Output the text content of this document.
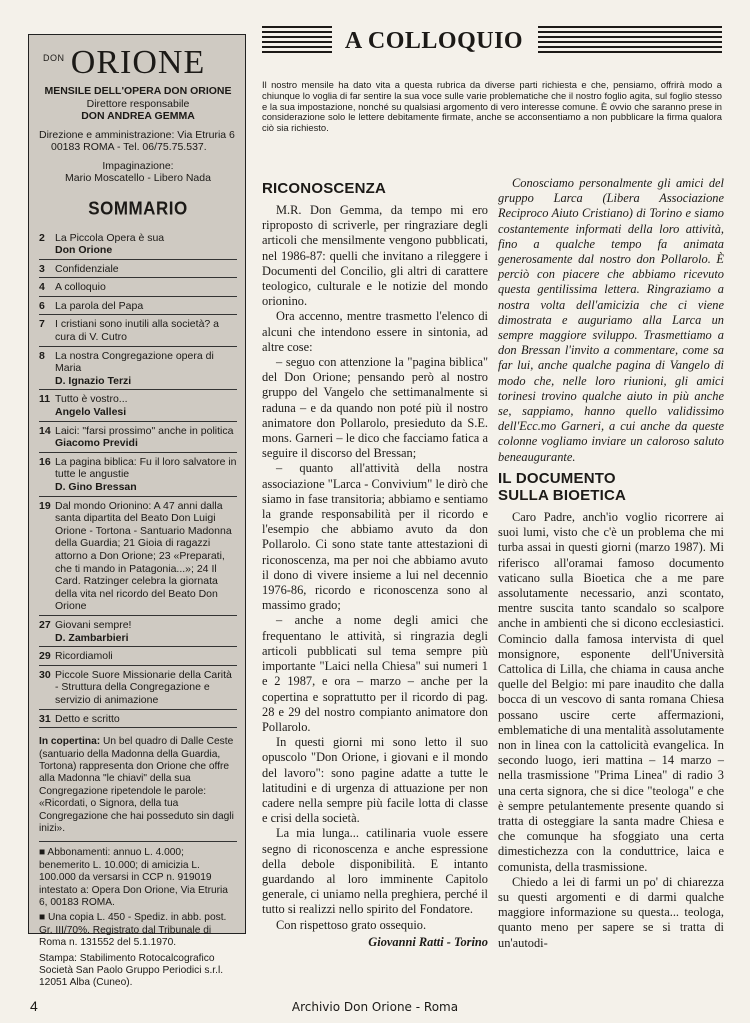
DON ORIONE
MENSILE DELL'OPERA DON ORIONE
Direttore responsabile
DON ANDREA GEMMA
Direzione e amministrazione: Via Etruria 6
00183 ROMA - Tel. 06/75.75.537.
Impaginazione:
Mario Moscatello - Libero Nada
SOMMARIO
2 La Piccola Opera è sua
Don Orione
3 Confidenziale
4 A colloquio
6 La parola del Papa
7 I cristiani sono inutili alla società? a cura di V. Cutro
8 La nostra Congregazione opera di Maria
D. Ignazio Terzi
11 Tutto è vostro...
Angelo Vallesi
14 Laici: "farsi prossimo" anche in politica
Giacomo Previdi
16 La pagina biblica: Fu il loro salvatore in tutte le angustie
D. Gino Bressan
19 Dal mondo Orionino: A 47 anni dalla santa dipartita del Beato Don Luigi Orione - Tortona - Santuario Madonna della Guardia; 21 Gioia di ragazzi attorno a Don Orione; 23 «Preparati, che ti mando in Patagonia...»; 24 Il Card. Ratzinger celebra la giornata della vita nel ricordo del Beato Don Orione
27 Giovani sempre!
D. Zambarbieri
29 Ricordiamoli
30 Piccole Suore Missionarie della Carità - Struttura della Congregazione e servizio di animazione
31 Detto e scritto
In copertina: Un bel quadro di Dalle Ceste (santuario della Madonna della Guardia, Tortona) rappresenta don Orione che offre alla Madonna "le chiavi" della sua Congregazione ripetendole le parole: «Ricordati, o Signora, della tua Congregazione che hai posseduto sin dagli inizi».
■ Abbonamenti: annuo L. 4.000; benemerito L. 10.000; di amicizia L. 100.000 da versarsi in CCP n. 919019 intestato a: Opera Don Orione, Via Etruria 6, 00183 ROMA.
■ Una copia L. 450 - Spediz. in abb. post. Gr. III/70%. Registrato dal Tribunale di Roma n. 131552 del 5.1.1970.
Stampa: Stabilimento Rotocalcografico Società San Paolo Gruppo Periodici s.r.l. 12051 Alba (Cuneo).
A COLLOQUIO
Il nostro mensile ha dato vita a questa rubrica da diverse parti richiesta e che, pensiamo, offrirà modo a chiunque lo voglia di far sentire la sua voce sulle varie problematiche che il nostro foglio agita, sul foglio stesso e la sua impostazione, nonché su qualsiasi argomento di vero interesse comune. È ovvio che saranno prese in considerazione solo le lettere debitamente firmate, anche se acconsentiamo a non pubblicare la firma qualora ciò sia richiesto.
RICONOSCENZA

M.R. Don Gemma, da tempo mi ero riproposto di scriverle, per ringraziare degli articoli che mensilmente vengono pubblicati, nel 1986-87: quelli che invitano a rileggere i Documenti del Concilio, gli altri di carattere teologico, culturale e le notizie del mondo orionino.

Ora accenno, mentre trasmetto l'elenco di alcuni che intendono essere in sintonia, ad altre cose:

– seguo con attenzione la "pagina biblica" del Don Orione; pensando però al nostro gruppo del Vangelo che settimanalmente si raduna – e da quando non poté più il nostro animatore don Pollarolo, presieduto da S.E. mons. Garneri – le dico che facciamo fatica a seguire il discorso del Bressan;

– quanto all'attività della nostra associazione "Larca - Convivium" le dirò che siamo in fase transitoria; abbiamo e sentiamo la grande responsabilità per il ricordo e l'esempio che abbiamo avuto da don Pollarolo. Ci sono state tante attestazioni di riconoscenza, ma per noi che abbiamo avuto il dono di vivere insieme a lui nel decennio 1976-86, ricordo e riconoscenza sono al massimo grado;

– anche a nome degli amici che frequentano le attività, si ringrazia degli articoli pubblicati sul tema sempre più importante "Laici nella Chiesa" sui numeri 1 e 2 1987, e ora – marzo – anche per la copertina e soprattutto per il ricordo di pag. 28 e 29 del nostro compianto animatore don Pollarolo.

In questi giorni mi sono letto il suo opuscolo "Don Orione, i giovani e il mondo del lavoro": sono pagine adatte a tutte le latitudini e di urgenza di attuazione per non cadere nella sempre più facile lotta di classe e crisi della società.

La mia lunga... catilinaria vuole essere segno di riconoscenza e anche espressione della debole disponibilità. E intanto guardando al loro imminente Capitolo generale, ci uniamo nella preghiera, perché il tutto si realizzi nello spirito del Fondatore.

Con rispettoso grato ossequio.

Giovanni Ratti - Torino

Conosciamo personalmente gli amici del gruppo Larca (Libera Associazione Reciproco Aiuto Cristiano) di Torino e siamo costantemente informati della loro attività, fino a qualche tempo fa animata generosamente dal nostro don Pollarolo. È perciò con piacere che abbiamo ricevuto questa gentilissima lettera. Ringraziamo a nostra volta dell'amicizia che ci viene dimostrata e auguriamo alla Larca un sempre maggiore sviluppo. Trasmettiamo a don Bressan l'invito a commentare, come sa far lui, anche qualche pagina di Vangelo di modo che, nelle loro riunioni, gli amici torinesi trovino qualche aiuto in più anche se, sappiamo, hanno quello validissimo dell'Ecc.mo Garneri, a cui anche da queste colonne vogliamo inviare un caloroso saluto beneaugurante.

IL DOCUMENTO
SULLA BIOETICA

Caro Padre, anch'io voglio ricorrere ai suoi lumi, visto che c'è un problema che mi turba assai in questi giorni (marzo 1987). Mi riferisco all'oramai famoso documento vaticano sulla Bioetica che a me pare assolutamente necessario, anzi scontato, mentre suscita tanto scandalo so scalpore anche in ambienti che si dicono ecclesiastici. Comincio dalla famosa intervista di quel monsignore, esponente dell'Università Cattolica di Lilla, che chiama in causa anche quelle del Belgio: mi pare inaudito che dalla bocca di un vescovo di santa romana Chiesa possano uscire certe affermazioni, emblematiche di una mentalità assolutamente non in linea con la cattolicità evangelica. In secondo luogo, ieri mattina – 14 marzo – nella trasmissione "Prima Linea" di radio 3 una certa signora, che si dice "teologa" e che è sempre petulantemente presente quando si tratta di osteggiare la santa madre Chiesa e che comunque ha sfoggiato una certa dimestichezza con la conduttrice, laica e comunista, della trasmissione.

Chiedo a lei di farmi un po' di chiarezza su questi argomenti e di darmi qualche maggiore informazione su questa... teologa, quanto meno per sapere se si tratta di un'autodi-

4	Archivio Don Orione - Roma
